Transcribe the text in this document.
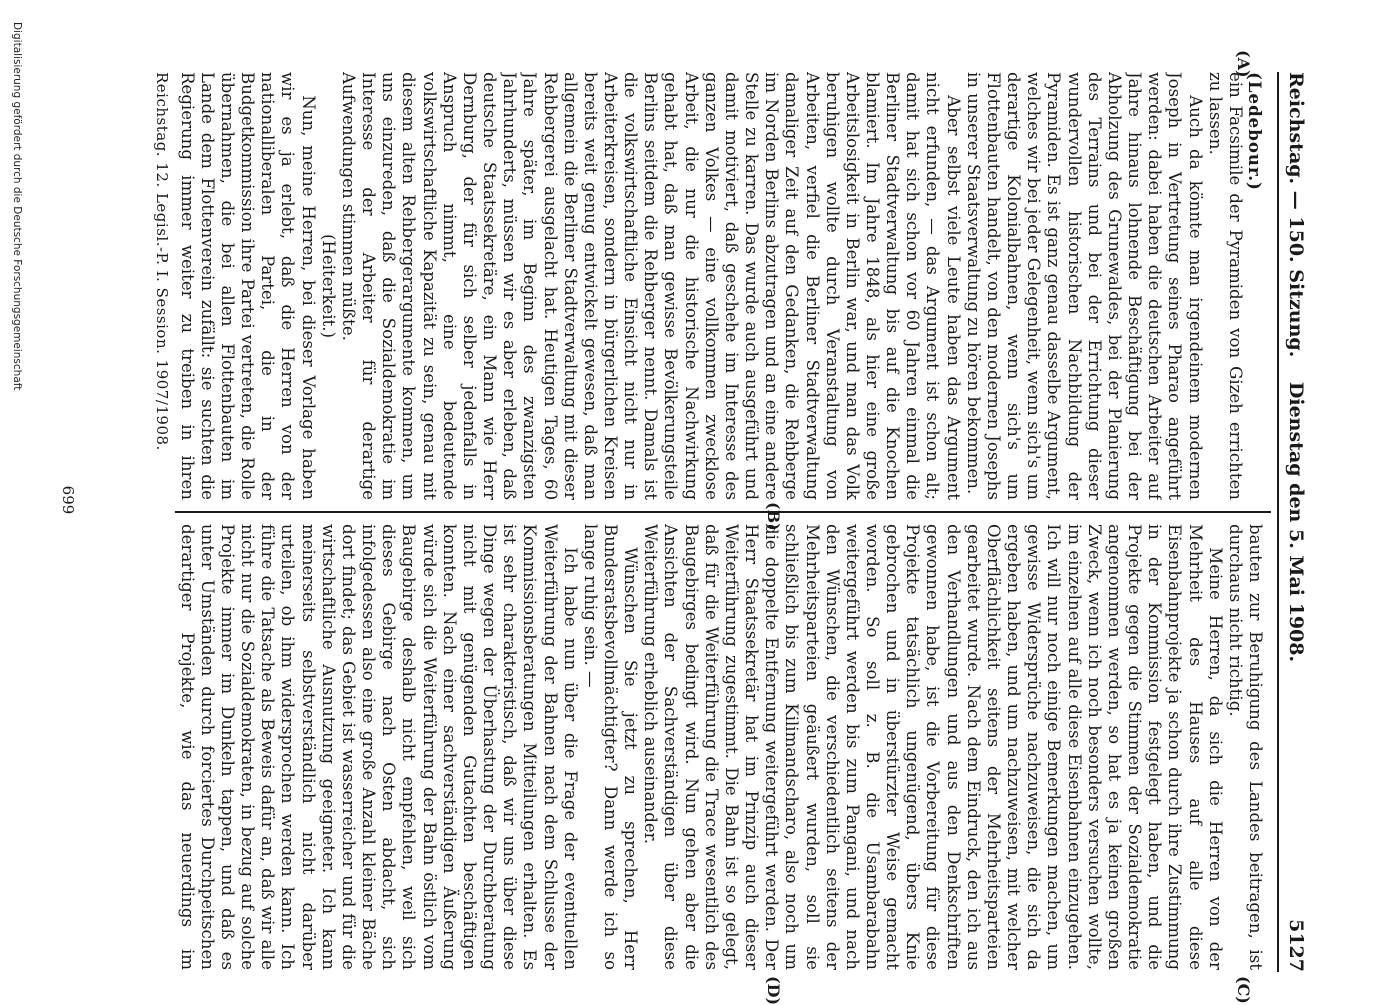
Reichstag. — 150. Sitzung.
Dienstag den 5. Mai 1908.
5127
(A)
(B)
(C)
(D)

(Ledebour.)

ein Facsimile der Pyramiden von Gizeh errichten zu lassen.

Auch da könnte man irgendeinem modernen Joseph in Vertretung seines Pharao angeführt werden: dabei haben die deutschen Arbeiter auf Jahre hinaus lohnende Beschäftigung bei der Abholzung des Grunewaldes, bei der Planierung des Terrains und bei der Errichtung dieser wundervollen historischen Nachbildung der Pyramiden. Es ist ganz genau dasselbe Argument, welches wir bei jeder Gelegenheit, wenn sich's um derartige Kolonialbahnen, wenn sich's um Flottenbauten handelt, von den modernen Josephs in unserer Staatsverwaltung zu hören bekommen.

Aber selbst viele Leute haben das Argument nicht erfunden, — das Argument ist schon alt; damit hat sich schon vor 60 Jahren einmal die Berliner Stadtverwaltung bis auf die Knochen blamiert. Im Jahre 1848, als hier eine große Arbeitslosigkeit in Berlin war, und man das Volk beruhigen wollte durch Veranstaltung von Arbeiten, verfiel die Berliner Stadtverwaltung damaliger Zeit auf den Gedanken, die Rehberge im Norden Berlins abzutragen und an eine andere Stelle zu karren. Das wurde auch ausgeführt und damit motiviert, daß geschehe im Interesse des ganzen Volkes — eine vollkommen zwecklose Arbeit, die nur die historische Nachwirkung gehabt hat, daß man gewisse Bevölkerungsteile Berlins seitdem die Rehberger nennt. Damals ist die volkswirtschaftliche Einsicht nicht nur in Arbeiterkreisen, sondern in bürgerlichen Kreisen bereits weit genug entwickelt gewesen, daß man allgemein die Berliner Stadtverwaltung mit dieser Rehbergerei ausgelacht hat. Heutigen Tages, 60 Jahre später, im Beginn des zwanzigsten Jahrhunderts, müssen wir es aber erleben, daß deutsche Staatssekretäre, ein Mann wie Herr Dernburg, der für sich selber jedenfalls in Anspruch nimmt, eine bedeutende volkswirtschaftliche Kapazität zu sein, genau mit diesem alten Rehbergerargumente kommen, um uns einzureden, daß die Sozialdemokratie im Interesse der Arbeiter für derartige Aufwendungen stimmen müßte.

(Heiterkeit.)

Nun, meine Herren, bei dieser Vorlage haben wir es ja erlebt, daß die Herren von der nationalliberalen Partei, die in der Budgetkommission ihre Partei vertreten, die Rolle übernahmen, die bei allen Flottenbauten im Lande dem Flottenverein zufällt: sie suchten die Regierung immer weiter zu treiben in ihren

bauten zur Beruhigung des Landes beitragen, ist durchaus nicht richtig.

Meine Herren, da sich die Herren von der Mehrheit des Hauses auf alle diese Eisenbahnprojekte ja schon durch ihre Zustimmung in der Kommission festgelegt haben, und die Projekte gegen die Stimmen der Sozialdemokratie angenommen werden, so hat es ja keinen großen Zweck, wenn ich noch besonders versuchen wollte, im einzelnen auf alle diese Eisenbahnen einzugehen. Ich will nur noch einige Bemerkungen machen, um gewisse Widersprüche nachzuweisen, die sich da ergeben haben, und um nachzuweisen, mit welcher Oberflächlichkeit seitens der Mehrheitsparteien gearbeitet wurde. Nach dem Eindruck, den ich aus den Verhandlungen und aus den Denkschriften gewonnen habe, ist die Vorbereitung für diese Projekte tatsächlich ungenügend, übers Knie gebrochen und in überstürzter Weise gemacht worden. So soll z. B. die Usambarabahn weitergeführt werden bis zum Pangani, und nach den Wünschen, die verschiedentlich seitens der Mehrheitsparteien geäußert wurden, soll sie schließlich bis zum Kilimandscharo, also noch um die doppelte Entfernung weitergeführt werden. Der Herr Staatssekretär hat im Prinzip auch dieser Weiterführung zugestimmt. Die Bahn ist so gelegt, daß für die Weiterführung die Trace wesentlich des Baugebirges bedingt wird. Nun gehen aber die Ansichten der Sachverständigen über diese Weiterführung erheblich auseinander.

Wünschen Sie jetzt zu sprechen, Herr Bundesratsbevollmächtigter? Dann werde ich so lange ruhig sein. —

Ich habe nun über die Frage der eventuellen Weiterführung der Bahnen nach dem Schlusse der Kommissionsberatungen Mitteilungen erhalten. Es ist sehr charakteristisch, daß wir uns über diese Dinge wegen der Überhastung der Durchberatung nicht mit genügenden Gutachten beschäftigen konnten. Nach einer sachverständigen Äußerung würde sich die Weiterführung der Bahn östlich vom Baugebirge deshalb nicht empfehlen, weil sich dieses Gebirge nach Osten abdacht, sich infolgedessen also eine große Anzahl kleiner Bäche dort findet; das Gebiet ist wasserreicher und für die wirtschaftliche Ausnutzung geeigneter. Ich kann meinerseits selbstverständlich nicht darüber urteilen, ob ihm widersprochen werden kann. Ich führe die Tatsache als Beweis dafür an, daß wir alle nicht nur die Sozialdemokraten, in bezug auf solche Projekte immer im Dunkeln tappen, und daß es unter Umständen durch forciertes Durchpeitschen derartiger Projekte, wie das neuerdings im

Reichstag. 12. Legisl.-P. I. Session. 1907/1908.
699
Digitalisierung gefördert durch die Deutsche Forschungsgemeinschaft
